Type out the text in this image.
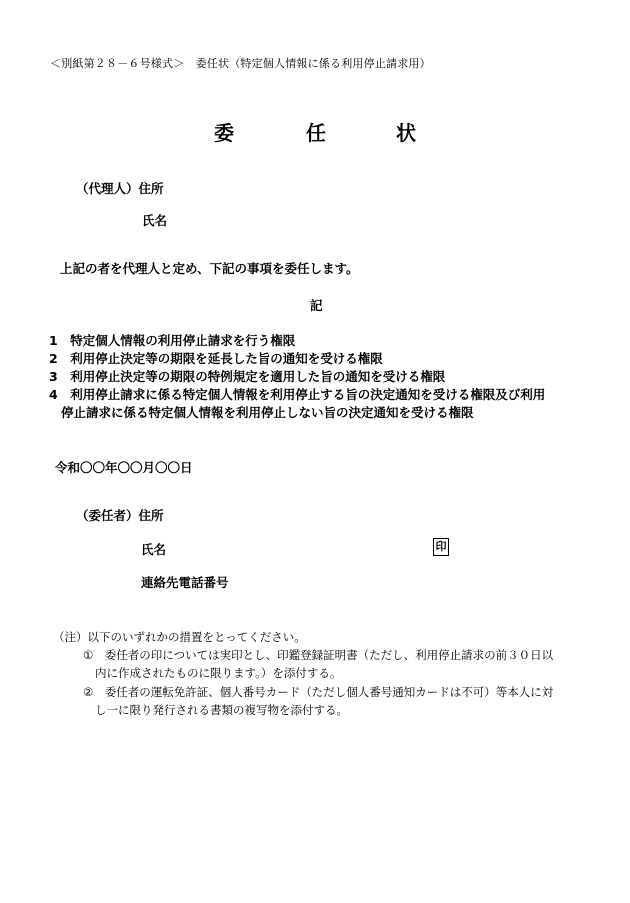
＜別紙第２８－６号様式＞　委任状（特定個人情報に係る利用停止請求用）
委	任	状
（代理人）住所
氏名
上記の者を代理人と定め、下記の事項を委任します。
記
1　特定個人情報の利用停止請求を行う権限
2　利用停止決定等の期限を延長した旨の通知を受ける権限
3　利用停止決定等の期限の特例規定を適用した旨の通知を受ける権限
4　利用停止請求に係る特定個人情報を利用停止する旨の決定通知を受ける権限及び利用
停止請求に係る特定個人情報を利用停止しない旨の決定通知を受ける権限
令和〇〇年〇〇月〇〇日
（委任者）住所
氏名	印
連絡先電話番号
（注）以下のいずれかの措置をとってください。
①　委任者の印については実印とし、印鑑登録証明書（ただし、利用停止請求の前３０日以
内に作成されたものに限ります。）を添付する。
②　委任者の運転免許証、個人番号カード（ただし個人番号通知カードは不可）等本人に対
し一に限り発行される書類の複写物を添付する。
